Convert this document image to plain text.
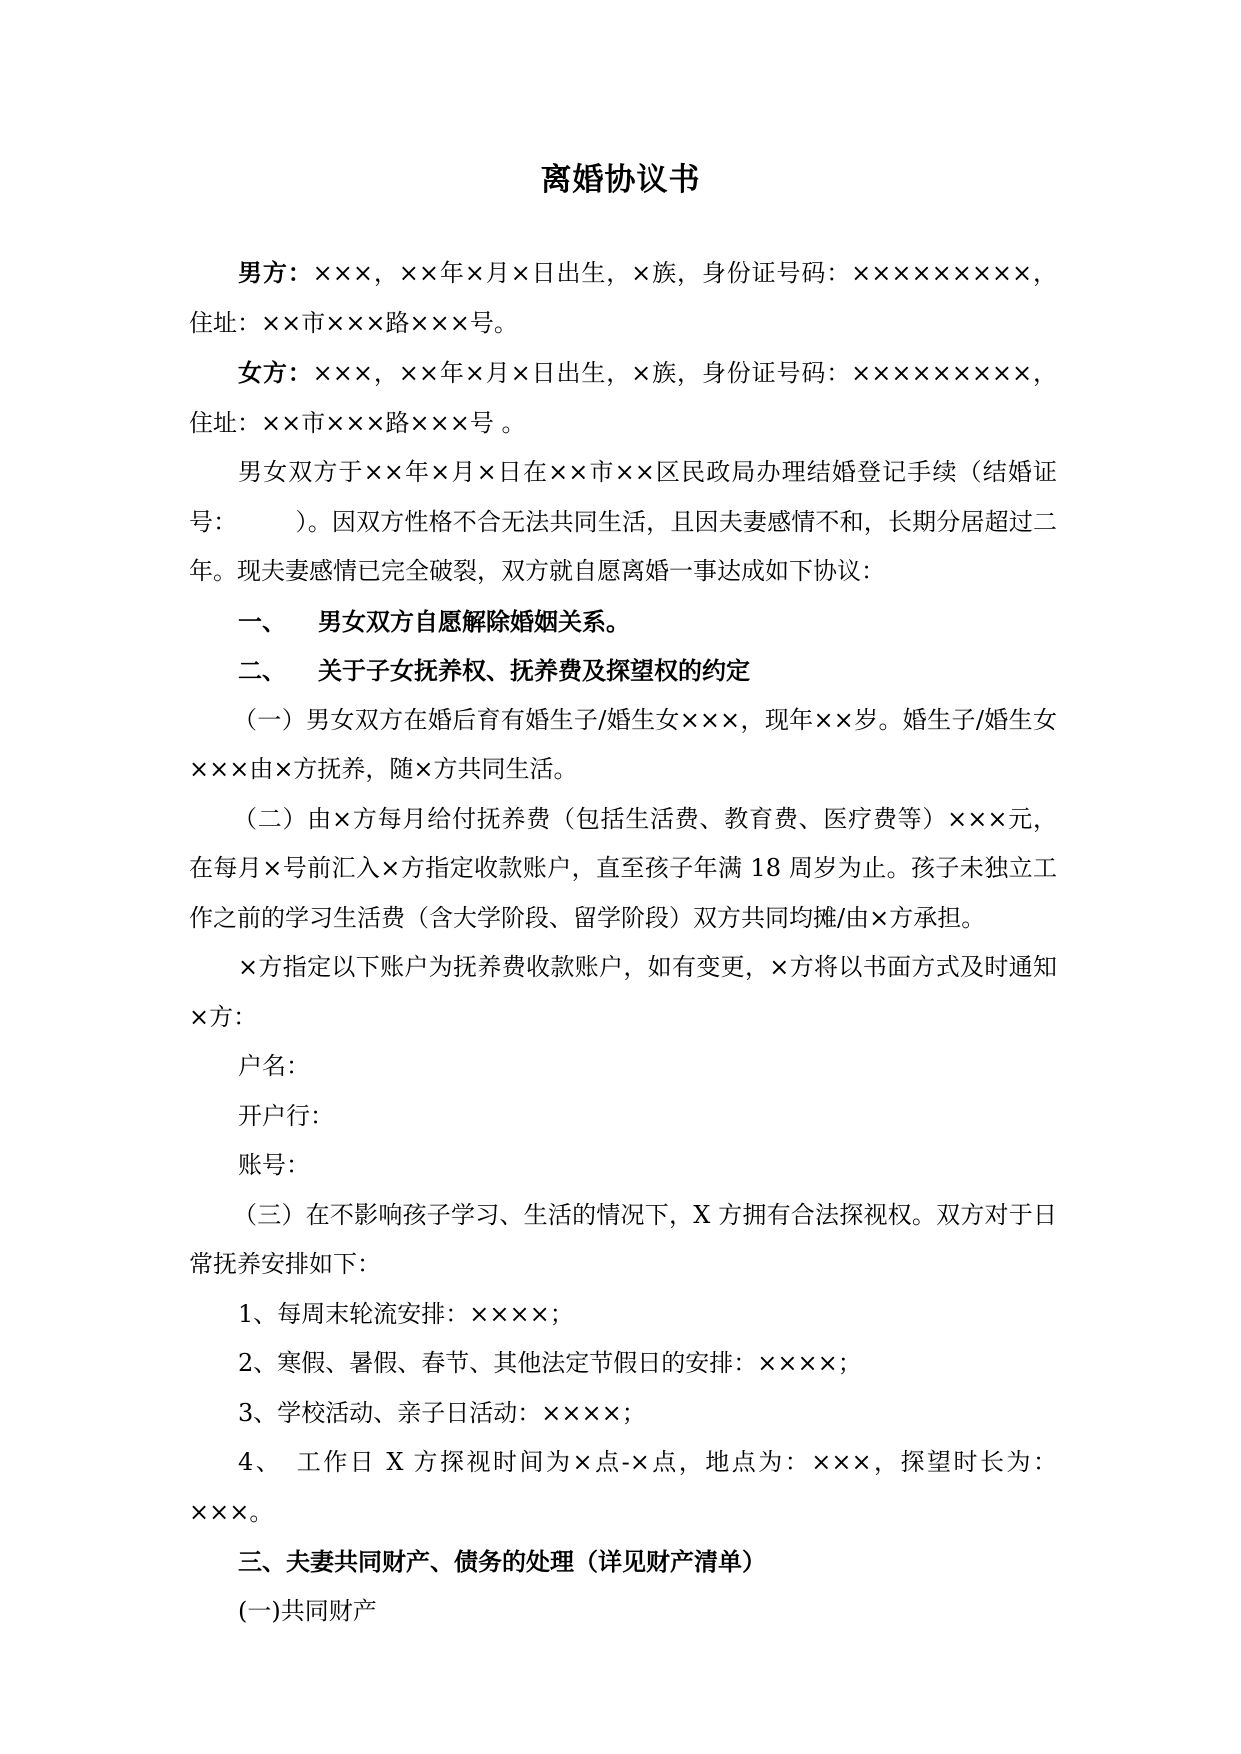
离婚协议书

男方：×××，××年×月×日出生，×族，身份证号码：×××××××××，住址：××市×××路×××号。

女方：×××，××年×月×日出生，×族，身份证号码：×××××××××，住址：××市×××路×××号 。

男女双方于××年×月×日在××市××区民政局办理结婚登记手续（结婚证号： ）。因双方性格不合无法共同生活，且因夫妻感情不和，长期分居超过二年。现夫妻感情已完全破裂，双方就自愿离婚一事达成如下协议：

一、 男女双方自愿解除婚姻关系。

二、 关于子女抚养权、抚养费及探望权的约定

（一）男女双方在婚后育有婚生子/婚生女×××，现年××岁。婚生子/婚生女×××由×方抚养，随×方共同生活。

（二）由×方每月给付抚养费（包括生活费、教育费、医疗费等）×××元，在每月×号前汇入×方指定收款账户，直至孩子年满 18 周岁为止。孩子未独立工作之前的学习生活费（含大学阶段、留学阶段）双方共同均摊/由×方承担。

×方指定以下账户为抚养费收款账户，如有变更，×方将以书面方式及时通知×方：

户名：

开户行：

账号：

（三）在不影响孩子学习、生活的情况下，X 方拥有合法探视权。双方对于日常抚养安排如下：

1、每周末轮流安排：××××；

2、寒假、暑假、春节、其他法定节假日的安排：××××；

3、学校活动、亲子日活动：××××；

4、 工作日 X 方探视时间为×点-×点，地点为：×××，探望时长为：×××。

三、夫妻共同财产、债务的处理（详见财产清单）

(一)共同财产
